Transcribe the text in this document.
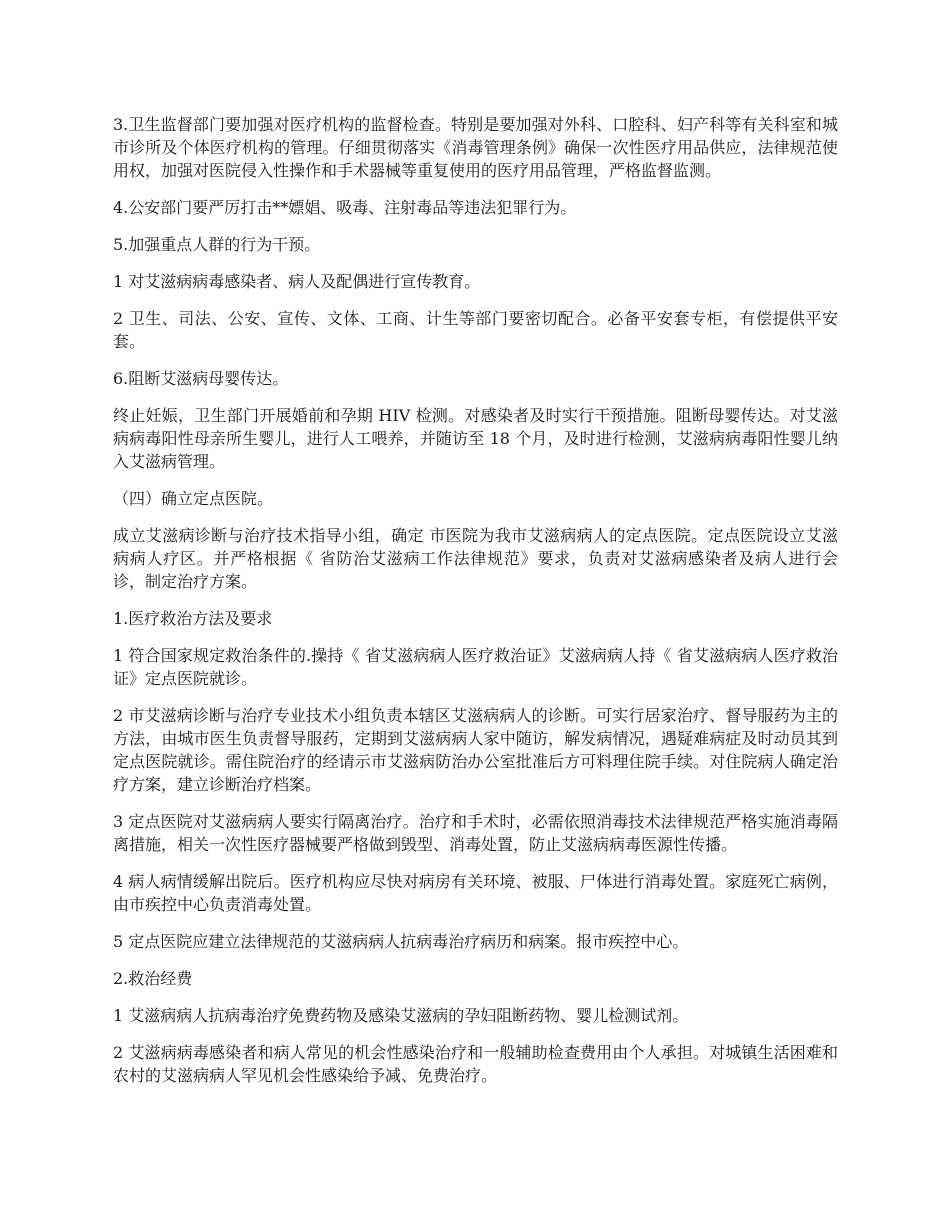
3.卫生监督部门要加强对医疗机构的监督检查。特别是要加强对外科、口腔科、妇产科等有关科室和城市诊所及个体医疗机构的管理。仔细贯彻落实《消毒管理条例》确保一次性医疗用品供应，法律规范使用权，加强对医院侵入性操作和手术器械等重复使用的医疗用品管理，严格监督监测。

4.公安部门要严厉打击**嫖娼、吸毒、注射毒品等违法犯罪行为。

5.加强重点人群的行为干预。

1 对艾滋病病毒感染者、病人及配偶进行宣传教育。

2 卫生、司法、公安、宣传、文体、工商、计生等部门要密切配合。必备平安套专柜，有偿提供平安套。

6.阻断艾滋病母婴传达。

终止妊娠，卫生部门开展婚前和孕期 HIV 检测。对感染者及时实行干预措施。阻断母婴传达。对艾滋病病毒阳性母亲所生婴儿，进行人工喂养，并随访至 18 个月，及时进行检测，艾滋病病毒阳性婴儿纳入艾滋病管理。

（四）确立定点医院。

成立艾滋病诊断与治疗技术指导小组，确定 市医院为我市艾滋病病人的定点医院。定点医院设立艾滋病病人疗区。并严格根据《 省防治艾滋病工作法律规范》要求，负责对艾滋病感染者及病人进行会诊，制定治疗方案。

1.医疗救治方法及要求

1 符合国家规定救治条件的.操持《 省艾滋病病人医疗救治证》艾滋病病人持《 省艾滋病病人医疗救治证》定点医院就诊。

2 市艾滋病诊断与治疗专业技术小组负责本辖区艾滋病病人的诊断。可实行居家治疗、督导服药为主的方法，由城市医生负责督导服药，定期到艾滋病病人家中随访，解发病情况，遇疑难病症及时动员其到定点医院就诊。需住院治疗的经请示市艾滋病防治办公室批准后方可料理住院手续。对住院病人确定治疗方案，建立诊断治疗档案。

3 定点医院对艾滋病病人要实行隔离治疗。治疗和手术时，必需依照消毒技术法律规范严格实施消毒隔离措施，相关一次性医疗器械要严格做到毁型、消毒处置，防止艾滋病病毒医源性传播。

4 病人病情缓解出院后。医疗机构应尽快对病房有关环境、被服、尸体进行消毒处置。家庭死亡病例，由市疾控中心负责消毒处置。

5 定点医院应建立法律规范的艾滋病病人抗病毒治疗病历和病案。报市疾控中心。

2.救治经费

1 艾滋病病人抗病毒治疗免费药物及感染艾滋病的孕妇阻断药物、婴儿检测试剂。

2 艾滋病病毒感染者和病人常见的机会性感染治疗和一般辅助检查费用由个人承担。对城镇生活困难和农村的艾滋病病人罕见机会性感染给予减、免费治疗。
